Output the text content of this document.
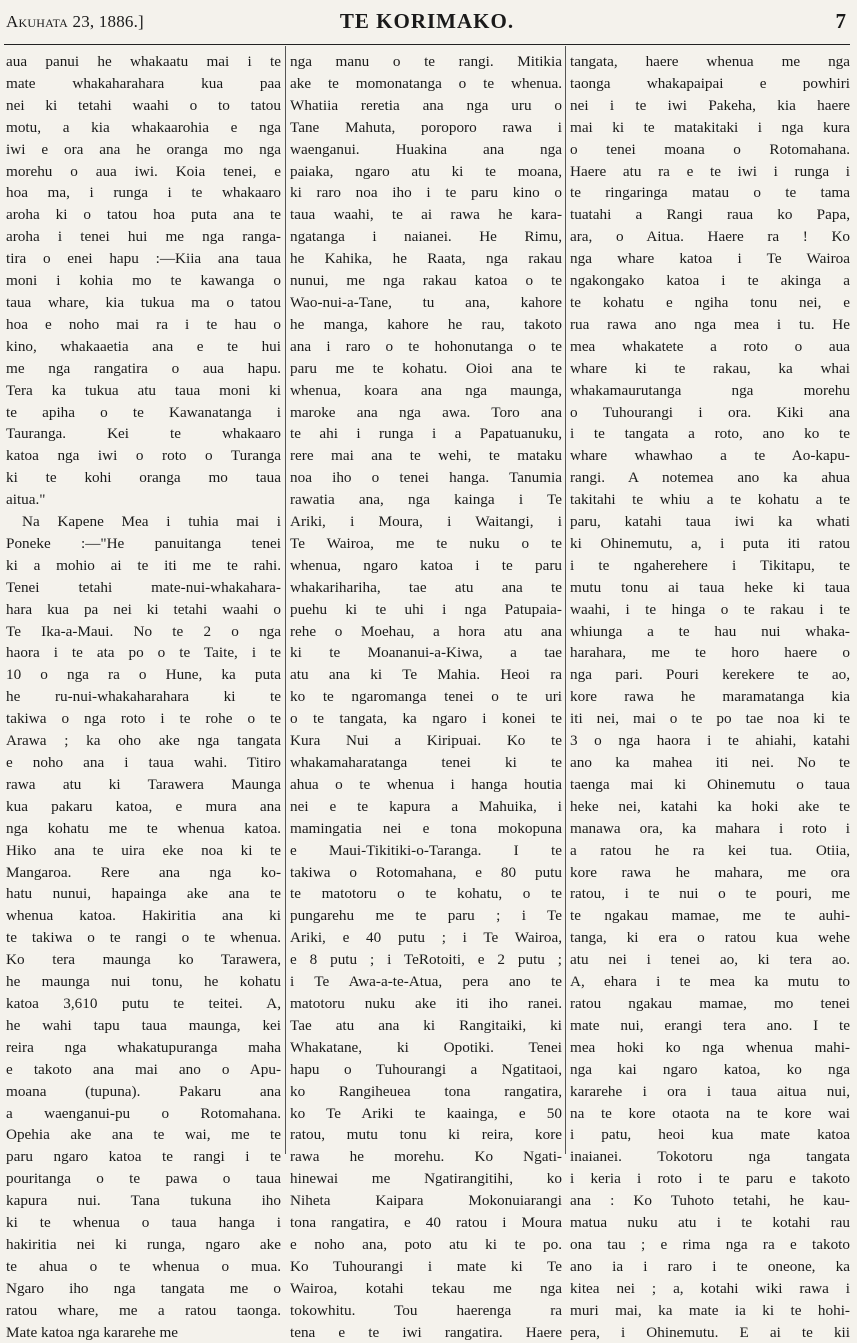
Akuhata 23, 1886.]	TE KORIMAKO.	7
aua panui he whakaatu mai i te
mate whakaharahara kua paa
nei ki tetahi waahi o to tatou
motu, a kia whakaarohia e nga
iwi e ora ana he oranga mo nga
morehu o aua iwi. Koia tenei, e
hoa ma, i runga i te whakaaro
aroha ki o tatou hoa puta ana te
aroha i tenei hui me nga ranga-
tira o enei hapu :—Kiia ana taua
moni i kohia mo te kawanga o
taua whare, kia tukua ma o tatou
hoa e noho mai ra i te hau o
kino, whakaaetia ana e te hui
me nga rangatira o aua hapu.
Tera ka tukua atu taua moni ki
te apiha o te Kawanatanga i
Tauranga. Kei te whakaaro
katoa nga iwi o roto o Turanga
ki te kohi oranga mo taua
aitua."
Na Kapene Mea i tuhia mai i
Poneke :—"He panuitanga tenei
ki a mohio ai te iti me te rahi.
Tenei tetahi mate-nui-whakahara-
hara kua pa nei ki tetahi waahi o
Te Ika-a-Maui. No te 2 o nga
haora i te ata po o te Taite, i te
10 o nga ra o Hune, ka puta
he ru-nui-whakaharahara ki te
takiwa o nga roto i te rohe o te
Arawa ; ka oho ake nga tangata
e noho ana i taua wahi. Titiro
rawa atu ki Tarawera Maunga
kua pakaru katoa, e mura ana
nga kohatu me te whenua katoa.
Hiko ana te uira eke noa ki te
Mangaroa. Rere ana nga ko-
hatu nunui, hapainga ake ana te
whenua katoa. Hakiritia ana ki
te takiwa o te rangi o te whenua.
Ko tera maunga ko Tarawera,
he maunga nui tonu, he kohatu
katoa 3,610 putu te teitei. A,
he wahi tapu taua maunga, kei
reira nga whakatupuranga maha
e takoto ana mai ano o Apu-
moana (tupuna). Pakaru ana
a waenganui-pu o Rotomahana.
Opehia ake ana te wai, me te
paru ngaro katoa te rangi i te
pouritanga o te pawa o taua
kapura nui. Tana tukuna iho
ki te whenua o taua hanga i
hakiritia nei ki runga, ngaro ake
te ahua o te whenua o mua.
Ngaro iho nga tangata me o
ratou whare, me a ratou taonga.
Mate katoa nga kararehe me
nga manu o te rangi. Mitikia
ake te momonatanga o te whenua.
Whatiia reretia ana nga uru o
Tane Mahuta, poroporo rawa i
waenganui. Huakina ana nga
paiaka, ngaro atu ki te moana,
ki raro noa iho i te paru kino o
taua waahi, te ai rawa he kara-
ngatanga i naianei. He Rimu,
he Kahika, he Raata, nga rakau
nunui, me nga rakau katoa o te
Wao-nui-a-Tane, tu ana, kahore
he manga, kahore he rau, takoto
ana i raro o te hohonutanga o te
paru me te kohatu. Oioi ana te
whenua, koara ana nga maunga,
maroke ana nga awa. Toro ana
te ahi i runga i a Papatuanuku,
rere mai ana te wehi, te mataku
noa iho o tenei hanga. Tanumia
rawatia ana, nga kainga i Te
Ariki, i Moura, i Waitangi, i
Te Wairoa, me te nuku o te
whenua, ngaro katoa i te paru
whakarihariha, tae atu ana te
puehu ki te uhi i nga Patupaia-
rehe o Moehau, a hora atu ana
ki te Moananui-a-Kiwa, a tae
atu ana ki Te Mahia. Heoi ra
ko te ngaromanga tenei o te uri
o te tangata, ka ngaro i konei te
Kura Nui a Kiripuai. Ko te
whakamaharatanga tenei ki te
ahua o te whenua i hanga houtia
nei e te kapura a Mahuika, i
mamingatia nei e tona mokopuna
e Maui-Tikitiki-o-Taranga. I te
takiwa o Rotomahana, e 80 putu
te matotoru o te kohatu, o te
pungarehu me te paru ; i Te
Ariki, e 40 putu ; i Te Wairoa,
e 8 putu ; i TeRotoiti, e 2 putu ;
i Te Awa-a-te-Atua, pera ano te
matotoru nuku ake iti iho ranei.
Tae atu ana ki Rangitaiki, ki
Whakatane, ki Opotiki. Tenei
hapu o Tuhourangi a Ngatitaoi,
ko Rangiheuea tona rangatira,
ko Te Ariki te kaainga, e 50
ratou, mutu tonu ki reira, kore
rawa he morehu. Ko Ngati-
hinewai me Ngatirangitihi, ko
Niheta Kaipara Mokonuiarangi
tona rangatira, e 40 ratou i Moura
e noho ana, poto atu ki te po.
Ko Tuhourangi i mate ki Te
Wairoa, kotahi tekau me nga
tokowhitu. Tou haerenga ra
tena e te iwi rangatira. Haere
tangata, haere whenua me nga
taonga whakapaipai e powhiri
nei i te iwi Pakeha, kia haere
mai ki te matakitaki i nga kura
o tenei moana o Rotomahana.
Haere atu ra e te iwi i runga i
te ringaringa matau o te tama
tuatahi a Rangi raua ko Papa,
ara, o Aitua. Haere ra ! Ko
nga whare katoa i Te Wairoa
ngakongako katoa i te akinga a
te kohatu e ngiha tonu nei, e
rua rawa ano nga mea i tu. He
mea whakatete a roto o aua
whare ki te rakau, ka whai
whakamaurutanga nga morehu
o Tuhourangi i ora. Kiki ana
i te tangata a roto, ano ko te
whare whawhao a te Ao-kapu-
rangi. A notemea ano ka ahua
takitahi te whiu a te kohatu a te
paru, katahi taua iwi ka whati
ki Ohinemutu, a, i puta iti ratou
i te ngaherehere i Tikitapu, te
mutu tonu ai taua heke ki taua
waahi, i te hinga o te rakau i te
whiunga a te hau nui whaka-
harahara, me te horo haere o
nga pari. Pouri kerekere te ao,
kore rawa he maramatanga kia
iti nei, mai o te po tae noa ki te
3 o nga haora i te ahiahi, katahi
ano ka mahea iti nei. No te
taenga mai ki Ohinemutu o taua
heke nei, katahi ka hoki ake te
manawa ora, ka mahara i roto i
a ratou he ra kei tua. Otiia,
kore rawa he mahara, me ora
ratou, i te nui o te pouri, me
te ngakau mamae, me te auhi-
tanga, ki era o ratou kua wehe
atu nei i tenei ao, ki tera ao.
A, ehara i te mea ka mutu to
ratou ngakau mamae, mo tenei
mate nui, erangi tera ano. I te
mea hoki ko nga whenua mahi-
nga kai ngaro katoa, ko nga
kararehe i ora i taua aitua nui,
na te kore otaota na te kore wai
i patu, heoi kua mate katoa
inaianei. Tokotoru nga tangata
i keria i roto i te paru e takoto
ana : Ko Tuhoto tetahi, he kau-
matua nuku atu i te kotahi rau
ona tau ; e rima nga ra e takoto
ano ia i raro i te oneone, ka
kitea nei ; a, kotahi wiki rawa i
muri mai, ka mate ia ki te hohi-
pera, i Ohinemutu. E ai te kii
